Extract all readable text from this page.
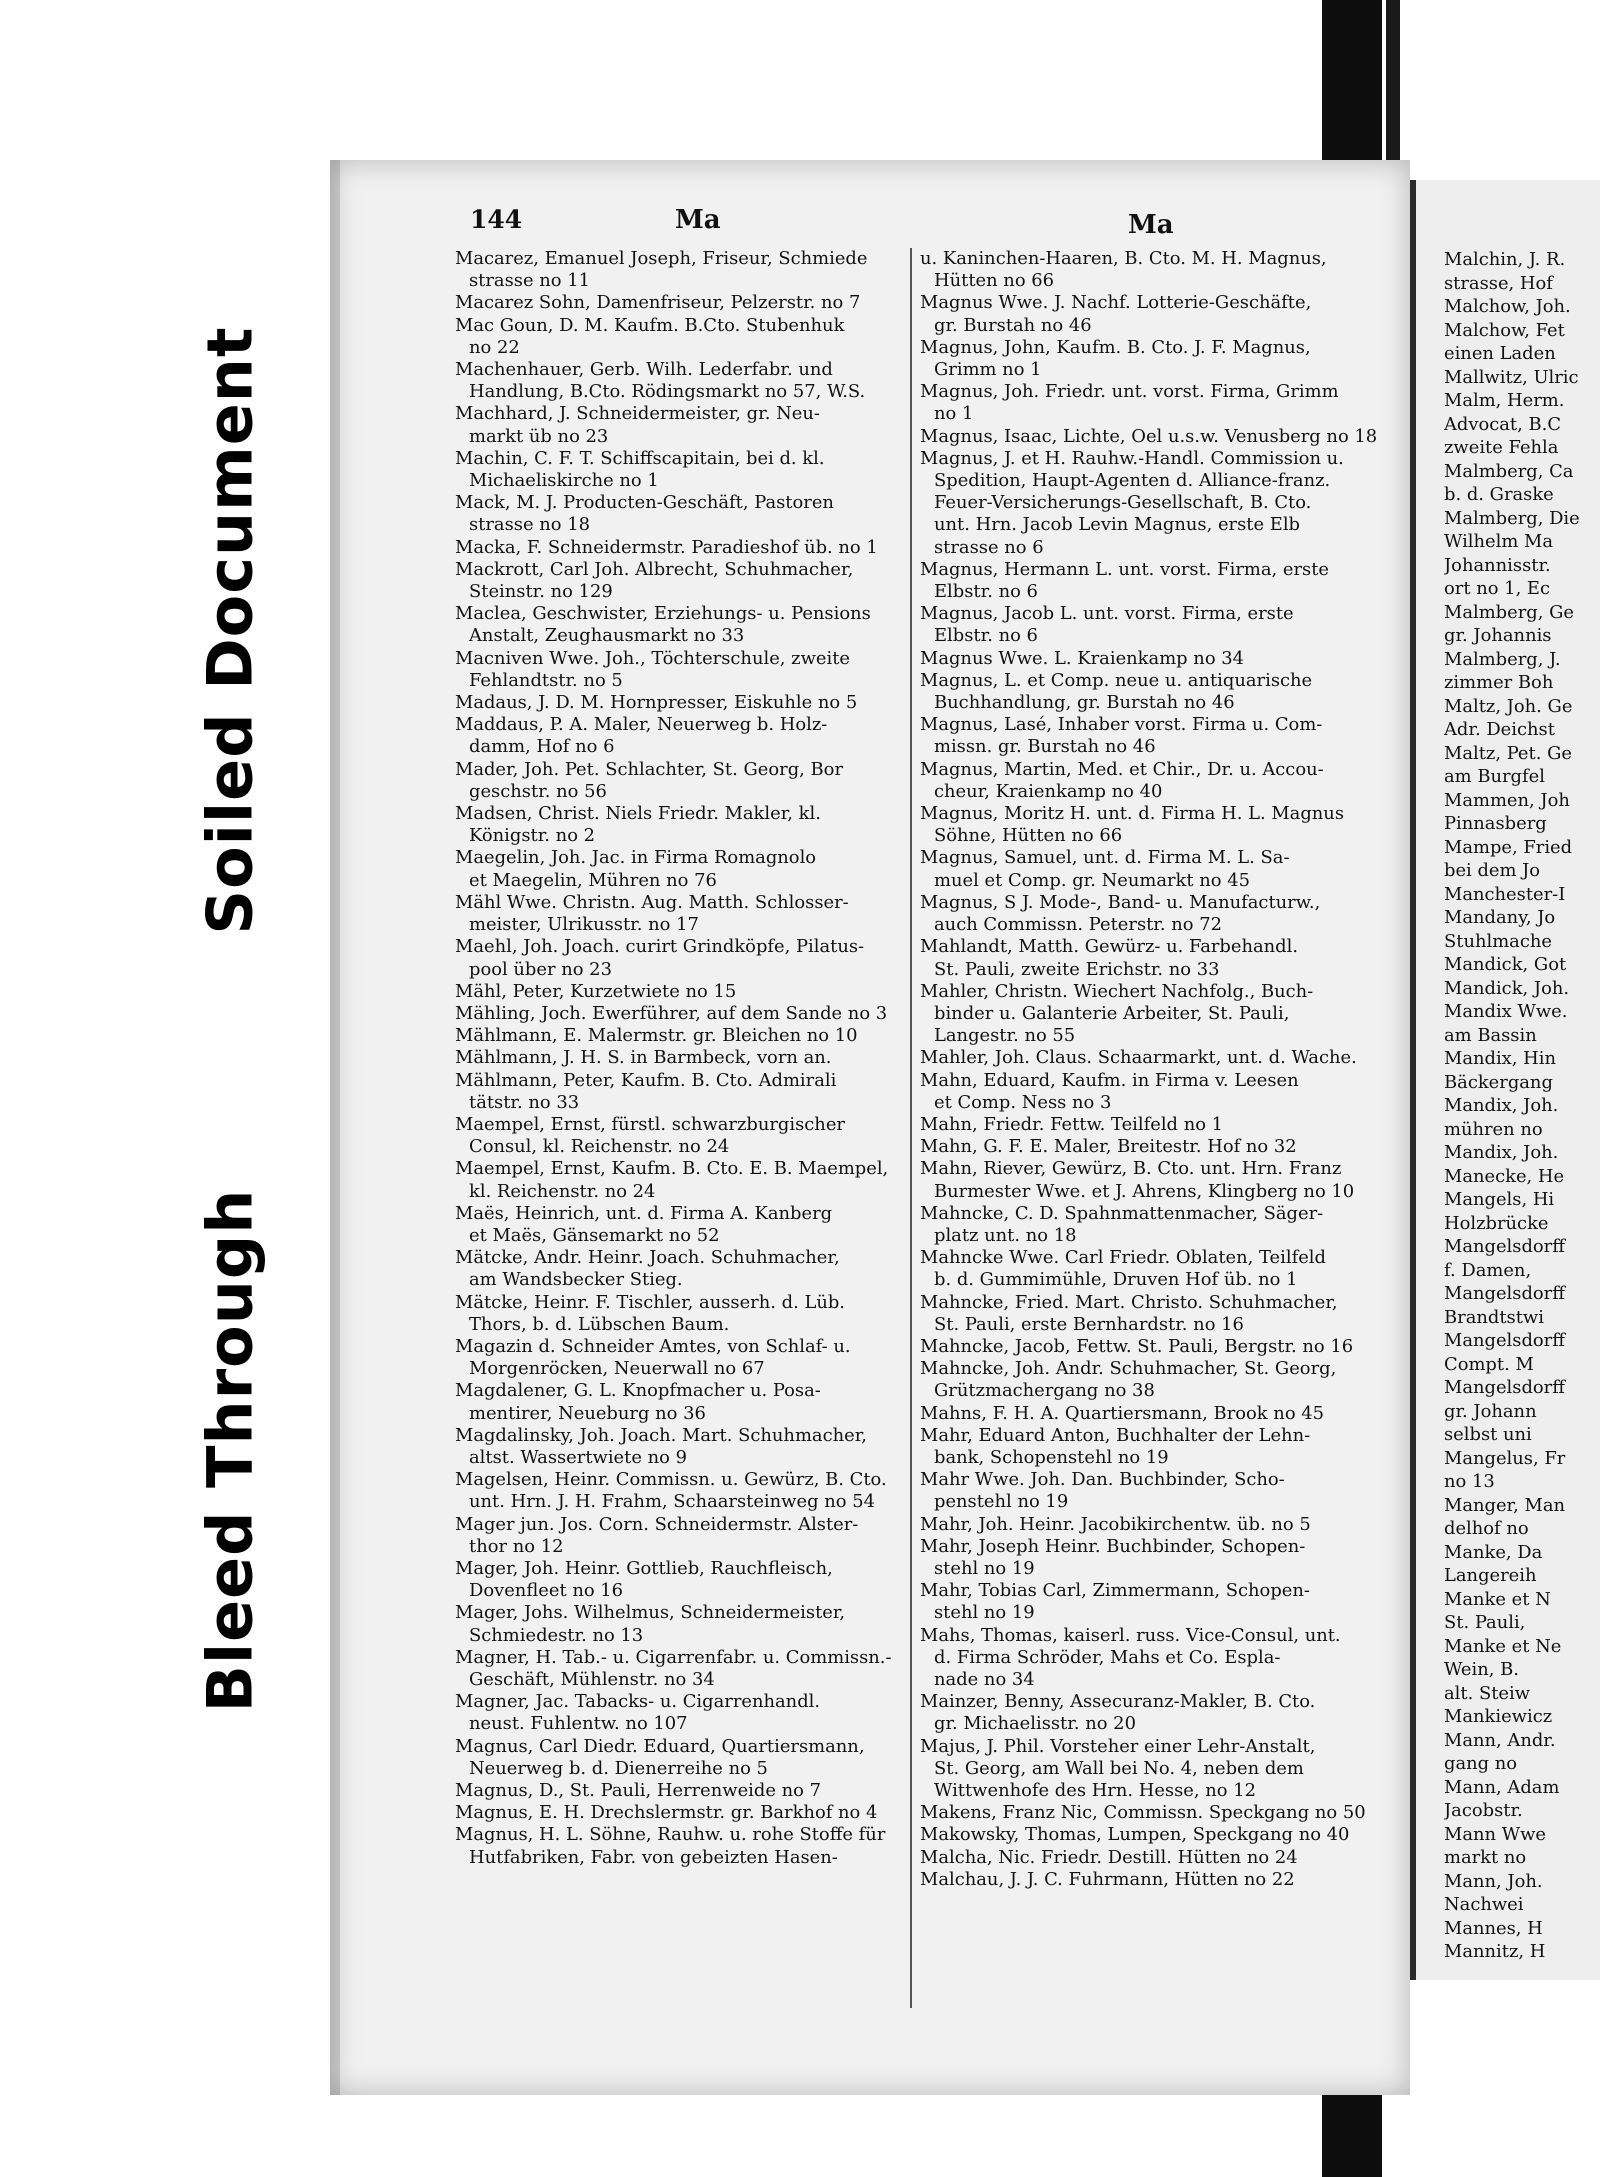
Soiled Document
Bleed Through
144	Ma	Ma
Macarez, Emanuel Joseph, Friseur, Schmiede
strasse no 11
Macarez Sohn, Damenfriseur, Pelzerstr. no 7
Mac Goun, D. M. Kaufm. B.Cto. Stubenhuk
no 22
Machenhauer, Gerb. Wilh. Lederfabr. und
Handlung, B.Cto. Rödingsmarkt no 57, W.S.
Machhard, J. Schneidermeister, gr. Neu-
markt üb no 23
Machin, C. F. T. Schiffscapitain, bei d. kl.
Michaeliskirche no 1
Mack, M. J. Producten-Geschäft, Pastoren
strasse no 18
Macka, F. Schneidermstr. Paradieshof üb. no 1
Mackrott, Carl Joh. Albrecht, Schuhmacher,
Steinstr. no 129
Maclea, Geschwister, Erziehungs- u. Pensions
Anstalt, Zeughausmarkt no 33
Macniven Wwe. Joh., Töchterschule, zweite
Fehlandtstr. no 5
Madaus, J. D. M. Hornpresser, Eiskuhle no 5
Maddaus, P. A. Maler, Neuerweg b. Holz-
damm, Hof no 6
Mader, Joh. Pet. Schlachter, St. Georg, Bor
geschstr. no 56
Madsen, Christ. Niels Friedr. Makler, kl.
Königstr. no 2
Maegelin, Joh. Jac. in Firma Romagnolo
et Maegelin, Mühren no 76
Mähl Wwe. Christn. Aug. Matth. Schlosser-
meister, Ulrikusstr. no 17
Maehl, Joh. Joach. curirt Grindköpfe, Pilatus-
pool über no 23
Mähl, Peter, Kurzetwiete no 15
Mähling, Joch. Ewerführer, auf dem Sande no 3
Mählmann, E. Malermstr. gr. Bleichen no 10
Mählmann, J. H. S. in Barmbeck, vorn an.
Mählmann, Peter, Kaufm. B. Cto. Admirali
tätstr. no 33
Maempel, Ernst, fürstl. schwarzburgischer
Consul, kl. Reichenstr. no 24
Maempel, Ernst, Kaufm. B. Cto. E. B. Maempel,
kl. Reichenstr. no 24
Maës, Heinrich, unt. d. Firma A. Kanberg
et Maës, Gänsemarkt no 52
Mätcke, Andr. Heinr. Joach. Schuhmacher,
am Wandsbecker Stieg.
Mätcke, Heinr. F. Tischler, ausserh. d. Lüb.
Thors, b. d. Lübschen Baum.
Magazin d. Schneider Amtes, von Schlaf- u.
Morgenröcken, Neuerwall no 67
Magdalener, G. L. Knopfmacher u. Posa-
mentirer, Neueburg no 36
Magdalinsky, Joh. Joach. Mart. Schuhmacher,
altst. Wassertwiete no 9
Magelsen, Heinr. Commissn. u. Gewürz, B. Cto.
unt. Hrn. J. H. Frahm, Schaarsteinweg no 54
Mager jun. Jos. Corn. Schneidermstr. Alster-
thor no 12
Mager, Joh. Heinr. Gottlieb, Rauchfleisch,
Dovenfleet no 16
Mager, Johs. Wilhelmus, Schneidermeister,
Schmiedestr. no 13
Magner, H. Tab.- u. Cigarrenfabr. u. Commissn.-
Geschäft, Mühlenstr. no 34
Magner, Jac. Tabacks- u. Cigarrenhandl.
neust. Fuhlentw. no 107
Magnus, Carl Diedr. Eduard, Quartiersmann,
Neuerweg b. d. Dienerreihe no 5
Magnus, D., St. Pauli, Herrenweide no 7
Magnus, E. H. Drechslermstr. gr. Barkhof no 4
Magnus, H. L. Söhne, Rauhw. u. rohe Stoffe für
Hutfabriken, Fabr. von gebeizten Hasen-
u. Kaninchen-Haaren, B. Cto. M. H. Magnus,
Hütten no 66
Magnus Wwe. J. Nachf. Lotterie-Geschäfte,
gr. Burstah no 46
Magnus, John, Kaufm. B. Cto. J. F. Magnus,
Grimm no 1
Magnus, Joh. Friedr. unt. vorst. Firma, Grimm
no 1
Magnus, Isaac, Lichte, Oel u.s.w. Venusberg no 18
Magnus, J. et H. Rauhw.-Handl. Commission u.
Spedition, Haupt-Agenten d. Alliance-franz.
Feuer-Versicherungs-Gesellschaft, B. Cto.
unt. Hrn. Jacob Levin Magnus, erste Elb
strasse no 6
Magnus, Hermann L. unt. vorst. Firma, erste
Elbstr. no 6
Magnus, Jacob L. unt. vorst. Firma, erste
Elbstr. no 6
Magnus Wwe. L. Kraienkamp no 34
Magnus, L. et Comp. neue u. antiquarische
Buchhandlung, gr. Burstah no 46
Magnus, Lasé, Inhaber vorst. Firma u. Com-
missn. gr. Burstah no 46
Magnus, Martin, Med. et Chir., Dr. u. Accou-
cheur, Kraienkamp no 40
Magnus, Moritz H. unt. d. Firma H. L. Magnus
Söhne, Hütten no 66
Magnus, Samuel, unt. d. Firma M. L. Sa-
muel et Comp. gr. Neumarkt no 45
Magnus, S J. Mode-, Band- u. Manufacturw.,
auch Commissn. Peterstr. no 72
Mahlandt, Matth. Gewürz- u. Farbehandl.
St. Pauli, zweite Erichstr. no 33
Mahler, Christn. Wiechert Nachfolg., Buch-
binder u. Galanterie Arbeiter, St. Pauli,
Langestr. no 55
Mahler, Joh. Claus. Schaarmarkt, unt. d. Wache.
Mahn, Eduard, Kaufm. in Firma v. Leesen
et Comp. Ness no 3
Mahn, Friedr. Fettw. Teilfeld no 1
Mahn, G. F. E. Maler, Breitestr. Hof no 32
Mahn, Riever, Gewürz, B. Cto. unt. Hrn. Franz
Burmester Wwe. et J. Ahrens, Klingberg no 10
Mahncke, C. D. Spahnmattenmacher, Säger-
platz unt. no 18
Mahncke Wwe. Carl Friedr. Oblaten, Teilfeld
b. d. Gummimühle, Druven Hof üb. no 1
Mahncke, Fried. Mart. Christo. Schuhmacher,
St. Pauli, erste Bernhardstr. no 16
Mahncke, Jacob, Fettw. St. Pauli, Bergstr. no 16
Mahncke, Joh. Andr. Schuhmacher, St. Georg,
Grützmachergang no 38
Mahns, F. H. A. Quartiersmann, Brook no 45
Mahr, Eduard Anton, Buchhalter der Lehn-
bank, Schopenstehl no 19
Mahr Wwe. Joh. Dan. Buchbinder, Scho-
penstehl no 19
Mahr, Joh. Heinr. Jacobikirchentw. üb. no 5
Mahr, Joseph Heinr. Buchbinder, Schopen-
stehl no 19
Mahr, Tobias Carl, Zimmermann, Schopen-
stehl no 19
Mahs, Thomas, kaiserl. russ. Vice-Consul, unt.
d. Firma Schröder, Mahs et Co. Espla-
nade no 34
Mainzer, Benny, Assecuranz-Makler, B. Cto.
gr. Michaelisstr. no 20
Majus, J. Phil. Vorsteher einer Lehr-Anstalt,
St. Georg, am Wall bei No. 4, neben dem
Wittwenhofe des Hrn. Hesse, no 12
Makens, Franz Nic, Commissn. Speckgang no 50
Makowsky, Thomas, Lumpen, Speckgang no 40
Malcha, Nic. Friedr. Destill. Hütten no 24
Malchau, J. J. C. Fuhrmann, Hütten no 22
Malchin, J. R.
strasse, Hof
Malchow, Joh.
Malchow, Fet
einen Laden
Mallwitz, Ulric
Malm, Herm.
Advocat, B.C
zweite Fehla
Malmberg, Ca
b. d. Graske
Malmberg, Die
Wilhelm Ma
Johannisstr.
ort no 1, Ec
Malmberg, Ge
gr. Johannis
Malmberg, J.
zimmer Boh
Maltz, Joh. Ge
Adr. Deichst
Maltz, Pet. Ge
am Burgfel
Mammen, Joh
Pinnasberg
Mampe, Fried
bei dem Jo
Manchester-I
Mandany, Jo
Stuhlmache
Mandick, Got
Mandick, Joh.
Mandix Wwe.
am Bassin
Mandix, Hin
Bäckergang
Mandix, Joh.
mühren no
Mandix, Joh.
Manecke, He
Mangels, Hi
Holzbrücke
Mangelsdorff
f. Damen,
Mangelsdorff
Brandtstwi
Mangelsdorff
Compt. M
Mangelsdorff
gr. Johann
selbst uni
Mangelus, Fr
no 13
Manger, Man
delhof no
Manke, Da
Langereih
Manke et N
St. Pauli,
Manke et Ne
Wein, B.
alt. Steiw
Mankiewicz
Mann, Andr.
gang no
Mann, Adam
Jacobstr.
Mann Wwe
markt no
Mann, Joh.
Nachwei
Mannes, H
Mannitz, H
